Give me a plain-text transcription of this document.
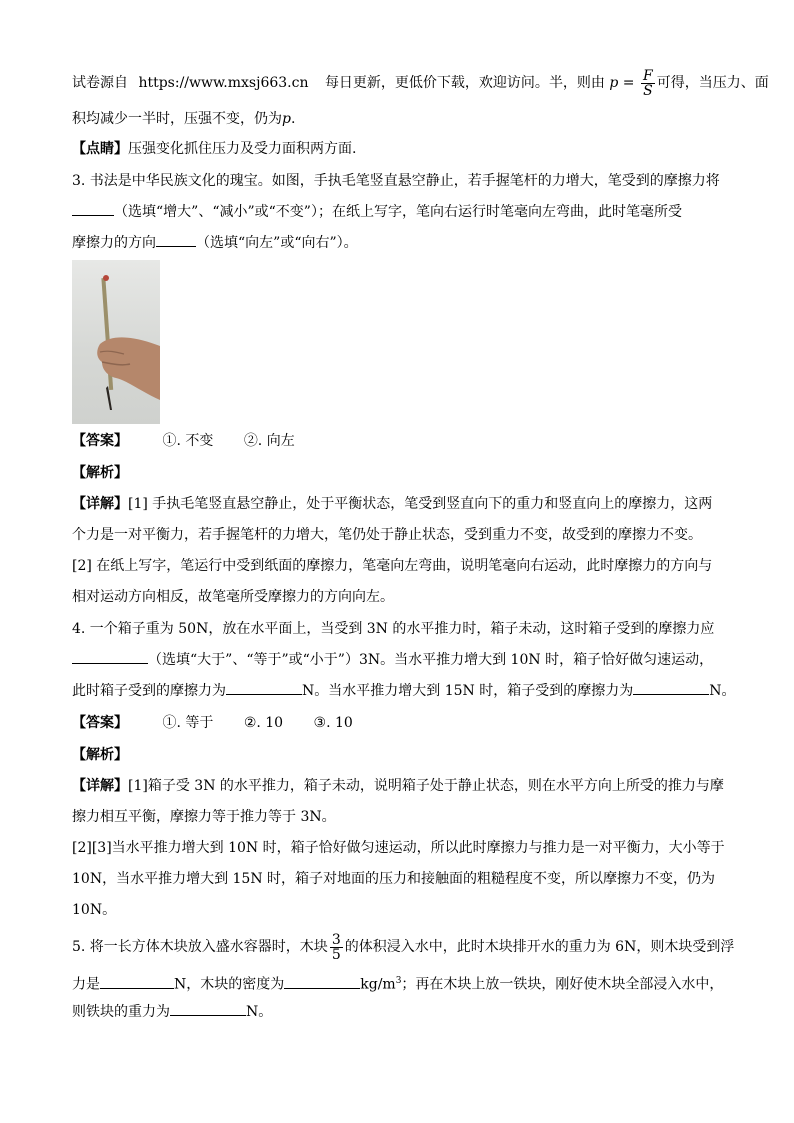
试卷源自 https://www.mxsj663.cn 每日更新，更低价下载，欢迎访问。半，则由 $p = \frac{F}{S}$ 可得，当压力、面
积均减少一半时，压强不变，仍为p.
【点睛】压强变化抓住压力及受力面积两方面.
3. 书法是中华民族文化的瑰宝。如图，手执毛笔竖直悬空静止，若手握笔杆的力增大，笔受到的摩擦力将
（选填“增大”、“减小”或“不变”）；在纸上写字，笔向右运行时笔毫向左弯曲，此时笔毫所受
摩擦力的方向	（选填“向左”或“向右”）。
【答案】 ①. 不变 ②. 向左
【解析】
【详解】[1] 手执毛笔竖直悬空静止，处于平衡状态，笔受到竖直向下的重力和竖直向上的摩擦力，这两
个力是一对平衡力，若手握笔杆的力增大，笔仍处于静止状态，受到重力不变，故受到的摩擦力不变。
[2] 在纸上写字，笔运行中受到纸面的摩擦力，笔毫向左弯曲，说明笔毫向右运动，此时摩擦力的方向与
相对运动方向相反，故笔毫所受摩擦力的方向向左。
4. 一个箱子重为 50N，放在水平面上，当受到 3N 的水平推力时，箱子未动，这时箱子受到的摩擦力应
（选填“大于”、“等于”或“小于”）3N。当水平推力增大到 10N 时，箱子恰好做匀速运动，
此时箱子受到的摩擦力为	N。当水平推力增大到 15N 时，箱子受到的摩擦力为	N。
【答案】 ①. 等于 ②. 10 ③. 10
【解析】
【详解】[1]箱子受 3N 的水平推力，箱子未动，说明箱子处于静止状态，则在水平方向上所受的推力与摩
擦力相互平衡，摩擦力等于推力等于 3N。
[2][3]当水平推力增大到 10N 时，箱子恰好做匀速运动，所以此时摩擦力与推力是一对平衡力，大小等于
10N，当水平推力增大到 15N 时，箱子对地面的压力和接触面的粗糙程度不变，所以摩擦力不变，仍为
10N。
5. 将一长方体木块放入盛水容器时，木块 $\frac{3}{5}$ 的体积浸入水中，此时木块排开水的重力为 6N，则木块受到浮
力是	N，木块的密度为	$kg/m^3$；再在木块上放一铁块，刚好使木块全部浸入水中，
则铁块的重力为	N。
